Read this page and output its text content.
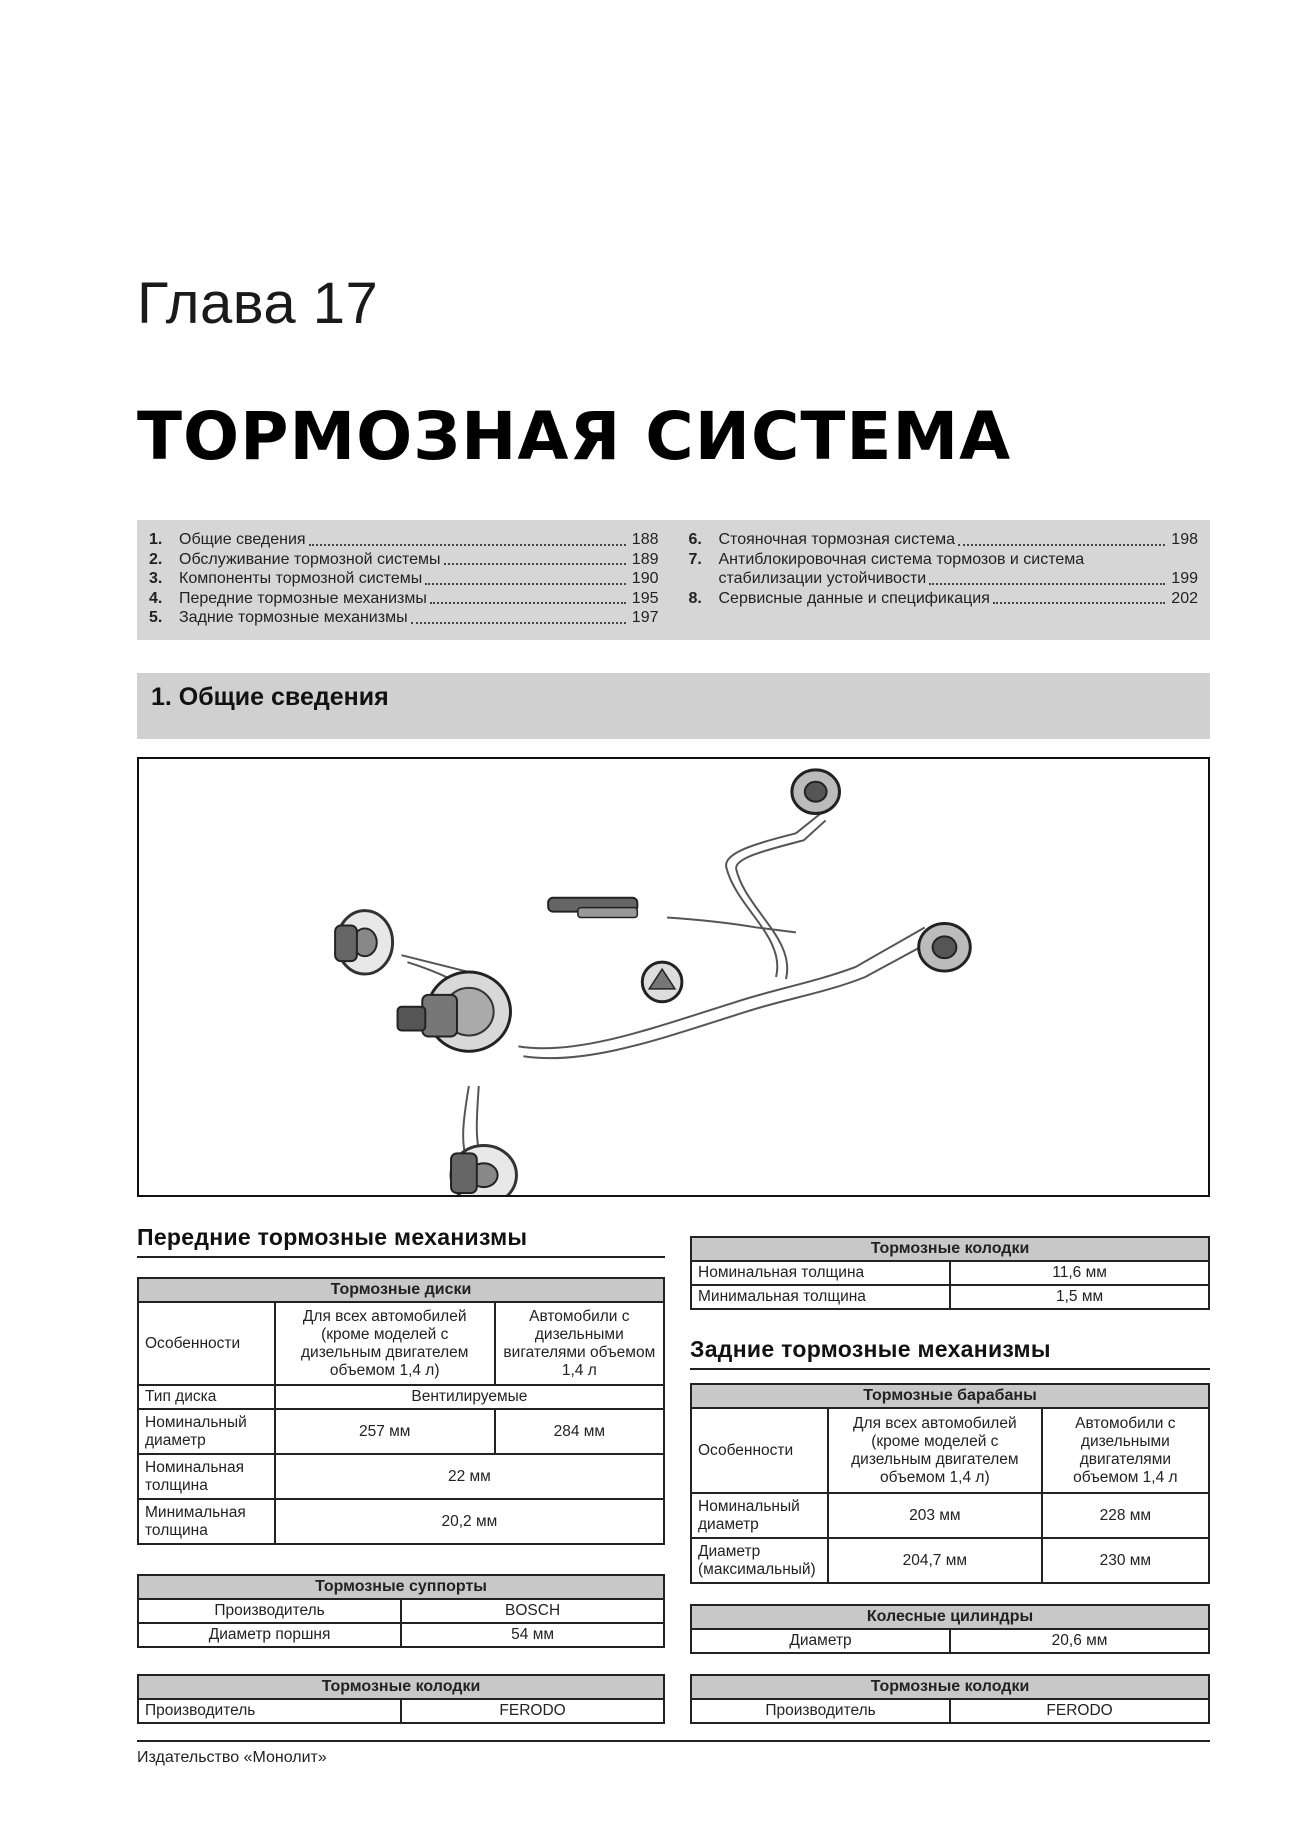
Глава 17
ТОРМОЗНАЯ СИСТЕМА
1.	Общие сведения	188
2.	Обслуживание тормозной системы	189
3.	Компоненты тормозной системы	190
4.	Передние тормозные механизмы	195
5.	Задние тормозные механизмы	197
6.	Стояночная тормозная система	198
7.	Антиблокировочная система тормозов и система
стабилизации устойчивости	199
8.	Сервисные данные и спецификация	202
1. Общие сведения
Передние тормозные механизмы
Тормозные диски		
Особенности	Для всех автомобилей (кроме моделей с дизельным двигателем объемом 1,4 л)	Автомобили с дизельными вигателями объемом 1,4 л
Тип диска	Вентилируемые	
Номинальный диаметр	257 мм	284 мм
Номинальная толщина	22 мм	
Минимальная толщина	20,2 мм	
Тормозные суппорты	
Производитель	BOSCH
Диаметр поршня	54 мм
Тормозные колодки
Производитель	FERODO
Тормозные колодки	
Номинальная толщина	11,6 мм
Минимальная толщина	1,5 мм
Задние тормозные механизмы
Тормозные барабаны		
Особенности	Для всех автомобилей (кроме моделей с дизельным двигателем объемом 1,4 л)	Автомобили с дизельными двигателями объемом 1,4 л
Номинальный диаметр	203 мм	228 мм
Диаметр (максимальный)	204,7 мм	230 мм
Колесные цилиндры
Диаметр	20,6 мм
Тормозные колодки
Производитель	FERODO
Издательство «Монолит»
